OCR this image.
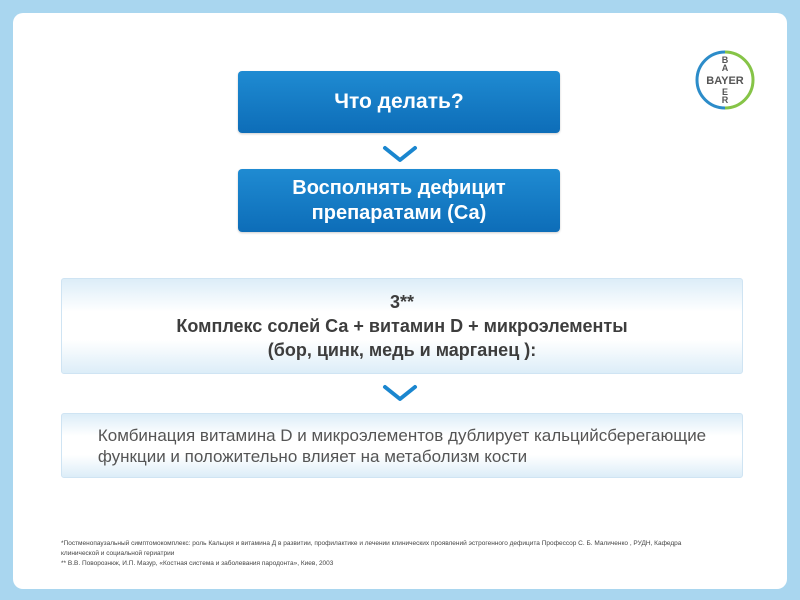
BAYER
B
A
E
R
Что делать?
Восполнять дефицит
препаратами (Са)
3**
Комплекс солей Са + витамин D + микроэлементы
(бор, цинк, медь и марганец ):
Комбинация витамина D и микроэлементов дублирует кальцийсберегающие
функции и положительно влияет на метаболизм кости
*Постменопаузальный симптомокомплекс: роль Кальция и витамина Д в развитии, профилактике и лечении клинических проявлений эстрогенного дефицита Профессор С. Б. Маличенко , РУДН, Кафедра
клинической и социальной гериатрии
** В.В. Поворознюк, И.П. Мазур, «Костная система и заболевания пародонта», Киев, 2003
